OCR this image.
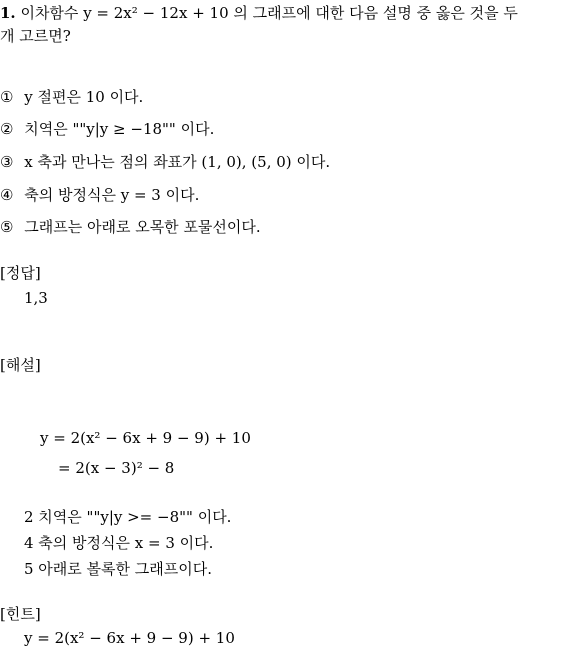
1. 이차함수 y = 2x² − 12x + 10 의 그래프에 대한 다음 설명 중 옳은 것을 두
개 고르면?
① y 절편은 10 이다.
② 치역은 ""y|y ≥ −18"" 이다.
③ x 축과 만나는 점의 좌표가 (1, 0), (5, 0) 이다.
④ 축의 방정식은 y = 3 이다.
⑤ 그래프는 아래로 오목한 포물선이다.
[정답]
1,3
[해설]
y = 2(x² − 6x + 9 − 9) + 10
= 2(x − 3)² − 8
2 치역은 ""y|y >= −8"" 이다.
4 축의 방정식은 x = 3 이다.
5 아래로 볼록한 그래프이다.
[힌트]
y = 2(x² − 6x + 9 − 9) + 10
